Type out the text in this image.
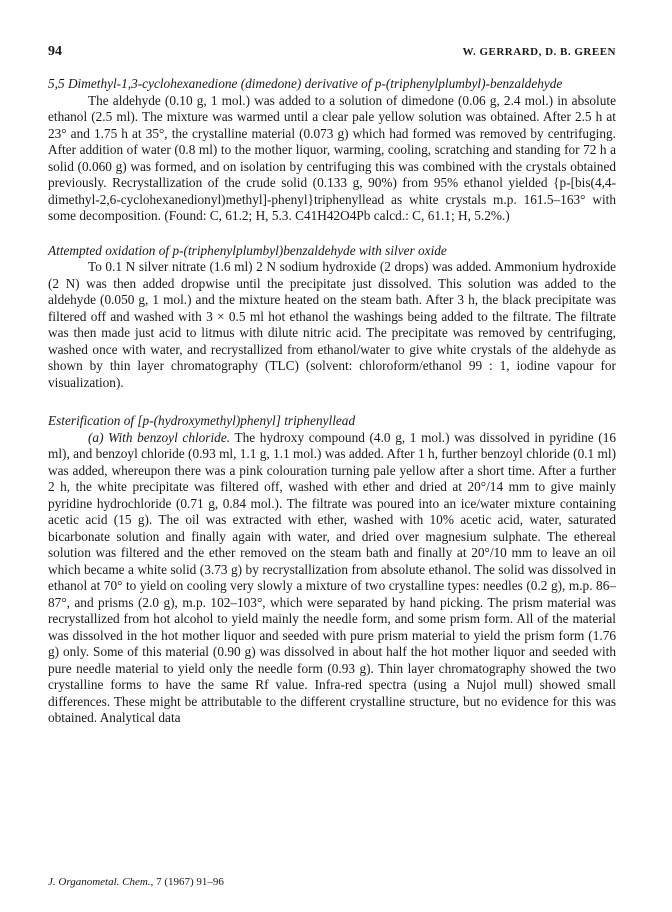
94	W. GERRARD, D. B. GREEN
5,5 Dimethyl-1,3-cyclohexanedione (dimedone) derivative of p-(triphenylplumbyl)-benzaldehyde

The aldehyde (0.10 g, 1 mol.) was added to a solution of dimedone (0.06 g, 2.4 mol.) in absolute ethanol (2.5 ml). The mixture was warmed until a clear pale yellow solution was obtained. After 2.5 h at 23° and 1.75 h at 35°, the crystalline material (0.073 g) which had formed was removed by centrifuging. After addition of water (0.8 ml) to the mother liquor, warming, cooling, scratching and standing for 72 h a solid (0.060 g) was formed, and on isolation by centrifuging this was combined with the crystals obtained previously. Recrystallization of the crude solid (0.133 g, 90%) from 95% ethanol yielded {p-[bis(4,4-dimethyl-2,6-cyclohexanedionyl)methyl]-phenyl}triphenyllead as white crystals m.p. 161.5–163° with some decomposition. (Found: C, 61.2; H, 5.3. C41H42O4Pb calcd.: C, 61.1; H, 5.2%.)

Attempted oxidation of p-(triphenylplumbyl)benzaldehyde with silver oxide

To 0.1 N silver nitrate (1.6 ml) 2 N sodium hydroxide (2 drops) was added. Ammonium hydroxide (2 N) was then added dropwise until the precipitate just dissolved. This solution was added to the aldehyde (0.050 g, 1 mol.) and the mixture heated on the steam bath. After 3 h, the black precipitate was filtered off and washed with 3 × 0.5 ml hot ethanol the washings being added to the filtrate. The filtrate was then made just acid to litmus with dilute nitric acid. The precipitate was removed by centrifuging, washed once with water, and recrystallized from ethanol/water to give white crystals of the aldehyde as shown by thin layer chromatography (TLC) (solvent: chloroform/ethanol 99 : 1, iodine vapour for visualization).

Esterification of [p-(hydroxymethyl)phenyl] triphenyllead

(a) With benzoyl chloride. The hydroxy compound (4.0 g, 1 mol.) was dissolved in pyridine (16 ml), and benzoyl chloride (0.93 ml, 1.1 g, 1.1 mol.) was added. After 1 h, further benzoyl chloride (0.1 ml) was added, whereupon there was a pink colouration turning pale yellow after a short time. After a further 2 h, the white precipitate was filtered off, washed with ether and dried at 20°/14 mm to give mainly pyridine hydrochloride (0.71 g, 0.84 mol.). The filtrate was poured into an ice/water mixture containing acetic acid (15 g). The oil was extracted with ether, washed with 10% acetic acid, water, saturated bicarbonate solution and finally again with water, and dried over magnesium sulphate. The ethereal solution was filtered and the ether removed on the steam bath and finally at 20°/10 mm to leave an oil which became a white solid (3.73 g) by recrystallization from absolute ethanol. The solid was dissolved in ethanol at 70° to yield on cooling very slowly a mixture of two crystalline types: needles (0.2 g), m.p. 86–87°, and prisms (2.0 g), m.p. 102–103°, which were separated by hand picking. The prism material was recrystallized from hot alcohol to yield mainly the needle form, and some prism form. All of the material was dissolved in the hot mother liquor and seeded with pure prism material to yield the prism form (1.76 g) only. Some of this material (0.90 g) was dissolved in about half the hot mother liquor and seeded with pure needle material to yield only the needle form (0.93 g). Thin layer chromatography showed the two crystalline forms to have the same Rf value. Infra-red spectra (using a Nujol mull) showed small differences. These might be attributable to the different crystalline structure, but no evidence for this was obtained. Analytical data

J. Organometal. Chem., 7 (1967) 91–96
